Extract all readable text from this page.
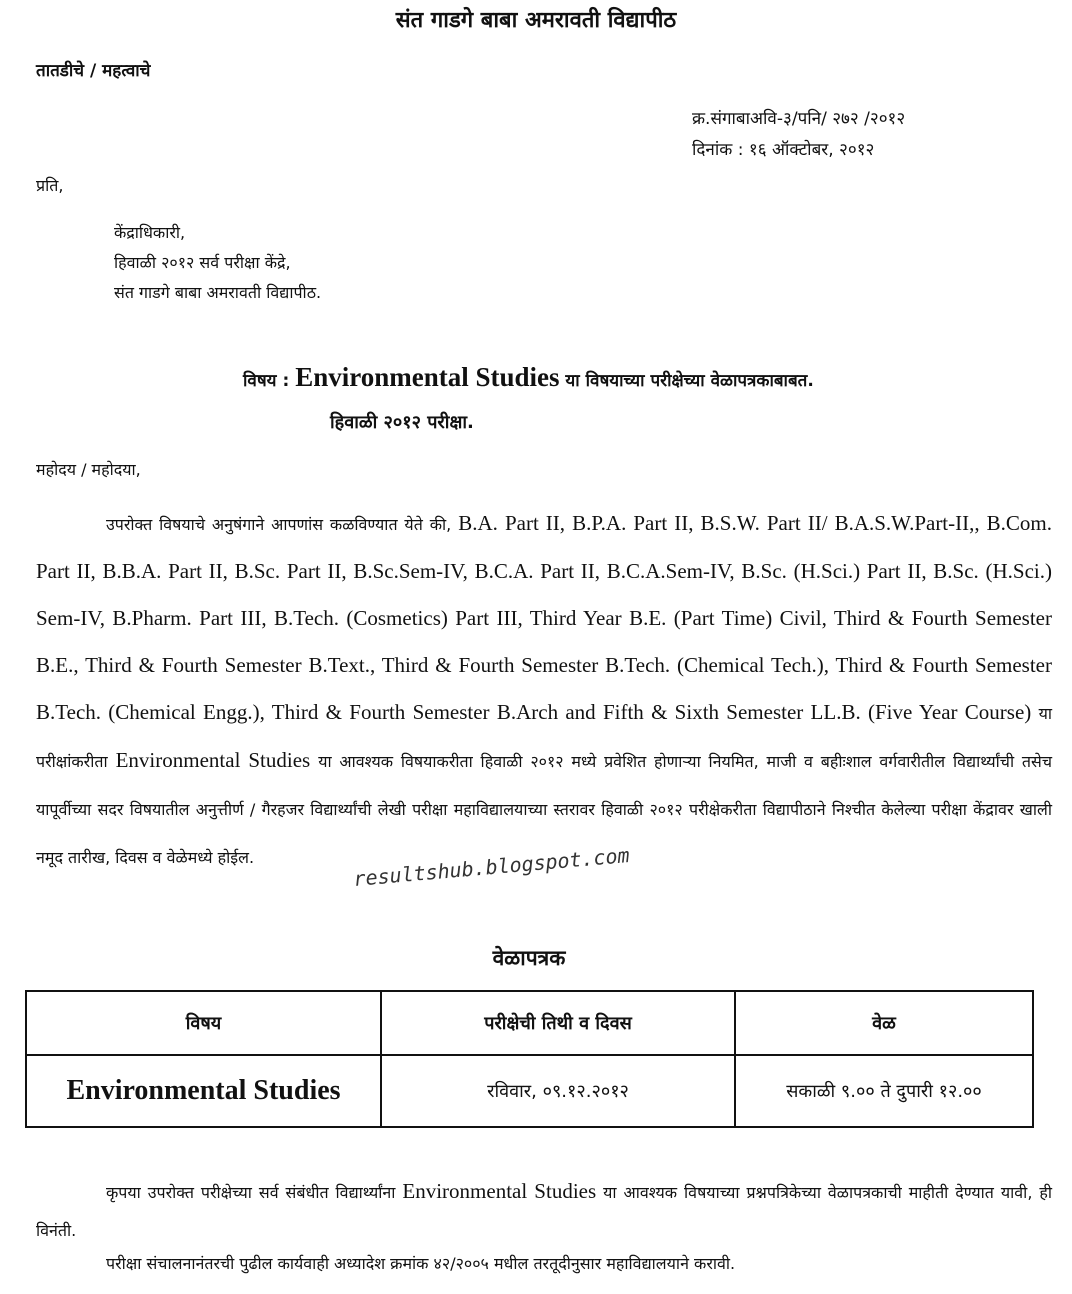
संत गाडगे बाबा अमरावती विद्यापीठ
तातडीचे / महत्वाचे
क्र.संगाबाअवि-३/पनि/ २७२ /२०१२
दिनांक : १६ ऑक्टोबर, २०१२
प्रति,
केंद्राधिकारी,
हिवाळी २०१२ सर्व परीक्षा केंद्रे,
संत गाडगे बाबा अमरावती विद्यापीठ.
विषय : Environmental Studies या विषयाच्या परीक्षेच्या वेळापत्रकाबाबत.
हिवाळी २०१२ परीक्षा.
महोदय / महोदया,
उपरोक्त विषयाचे अनुषंगाने आपणांस कळविण्यात येते की, B.A. Part II, B.P.A. Part II, B.S.W. Part II/ B.A.S.W.Part-II,, B.Com. Part II, B.B.A. Part II, B.Sc. Part II, B.Sc.Sem-IV, B.C.A. Part II, B.C.A.Sem-IV, B.Sc. (H.Sci.) Part II, B.Sc. (H.Sci.) Sem-IV, B.Pharm. Part III, B.Tech. (Cosmetics) Part III, Third Year B.E. (Part Time) Civil, Third & Fourth Semester B.E., Third & Fourth Semester B.Text., Third & Fourth Semester B.Tech. (Chemical Tech.), Third & Fourth Semester B.Tech. (Chemical Engg.), Third & Fourth Semester B.Arch and Fifth & Sixth Semester LL.B. (Five Year Course) या परीक्षांकरीता Environmental Studies या आवश्यक विषयाकरीता हिवाळी २०१२ मध्ये प्रवेशित होणाऱ्या नियमित, माजी व बहीःशाल वर्गवारीतील विद्यार्थ्यांची तसेच यापूर्वीच्या सदर विषयातील अनुत्तीर्ण / गैरहजर विद्यार्थ्यांची लेखी परीक्षा महाविद्यालयाच्या स्तरावर हिवाळी २०१२ परीक्षेकरीता विद्यापीठाने निश्चीत केलेल्या परीक्षा केंद्रावर खाली नमूद तारीख, दिवस व वेळेमध्ये होईल.	resultshub.blogspot.com
वेळापत्रक
विषय	परीक्षेची तिथी व दिवस	वेळ
Environmental Studies	रविवार, ०९.१२.२०१२	सकाळी ९.०० ते दुपारी १२.००
कृपया उपरोक्त परीक्षेच्या सर्व संबंधीत विद्यार्थ्यांना Environmental Studies या आवश्यक विषयाच्या प्रश्नपत्रिकेच्या वेळापत्रकाची माहीती देण्यात यावी, ही विनंती.
परीक्षा संचालनानंतरची पुढील कार्यवाही अध्यादेश क्रमांक ४२/२००५ मधील तरतूदीनुसार महाविद्यालयाने करावी.
